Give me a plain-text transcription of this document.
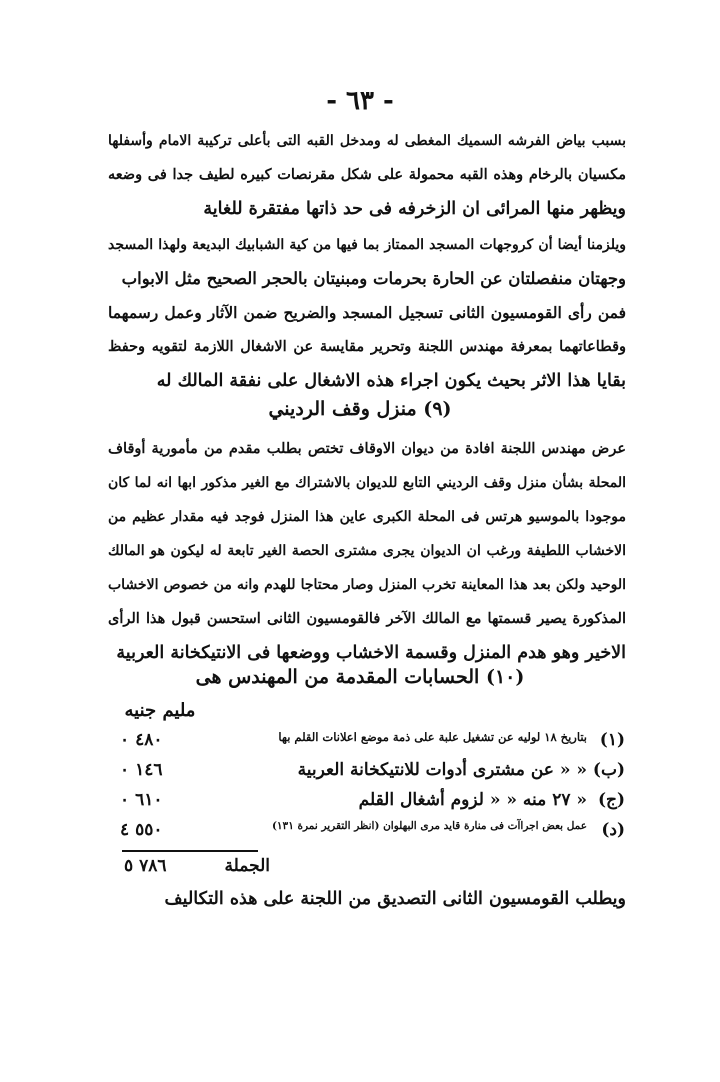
- ٦٣ -
بسبب بياض الفرشه السميك المغطى له ومدخل القبه التى بأعلى تركيبة الامام وأسفلها
مكسيان بالرخام وهذه القبه محمولة على شكل مقرنصات كبيره لطيف جدا فى وضعه
ويظهر منها المرائى ان الزخرفه فى حد ذاتها مفتقرة للغاية
ويلزمنا أيضا أن كروجهات المسجد الممتاز بما فيها من كية الشبابيك البديعة ولهذا المسجد
وجهتان منفصلتان عن الحارة بحرمات ومبنيتان بالحجر الصحيح مثل الابواب
فمن رأى القومسيون الثانى تسجيل المسجد والضريح ضمن الآثار وعمل رسمهما
وقطاعاتهما بمعرفة مهندس اللجنة وتحرير مقايسة عن الاشغال اللازمة لتقويه وحفظ
بقايا هذا الاثر بحيث يكون اجراء هذه الاشغال على نفقة المالك له
(٩) منزل وقف الرديني
عرض مهندس اللجنة افادة من ديوان الاوقاف تختص بطلب مقدم من مأمورية أوقاف
المحلة بشأن منزل وقف الرديني التابع للديوان بالاشتراك مع الغير مذكور ابها انه لما كان
موجودا بالموسيو هرتس فى المحلة الكبرى عاين هذا المنزل فوجد فيه مقدار عظيم من
الاخشاب اللطيفة ورغب ان الديوان يجرى مشترى الحصة الغير تابعة له ليكون هو المالك
الوحيد ولكن بعد هذا المعاينة تخرب المنزل وصار محتاجا للهدم وانه من خصوص الاخشاب
المذكورة يصير قسمتها مع المالك الآخر فالقومسيون الثانى استحسن قبول هذا الرأى
الاخير وهو هدم المنزل وقسمة الاخشاب ووضعها فى الانتيكخانة العربية
(١٠) الحسابات المقدمة من المهندس هى
مليم جنيه
(١)
بتاريخ ١٨ لوليه عن تشغيل علبة على ذمة موضع اعلانات القلم بها
٤٨٠ ٠
(ب)
« « عن مشترى أدوات للانتيكخانة العربية
١٤٦ ٠
(ج)
« ٢٧ منه « « لزوم أشغال القلم
٦١٠ ٠
(د)
عمل بعض اجراآت فى منارة قايد مرى البهلوان (انظر التقرير نمرة ١٣١)
٥٥٠ ٤
الجملة
٧٨٦ ٥
ويطلب القومسيون الثانى التصديق من اللجنة على هذه التكاليف
